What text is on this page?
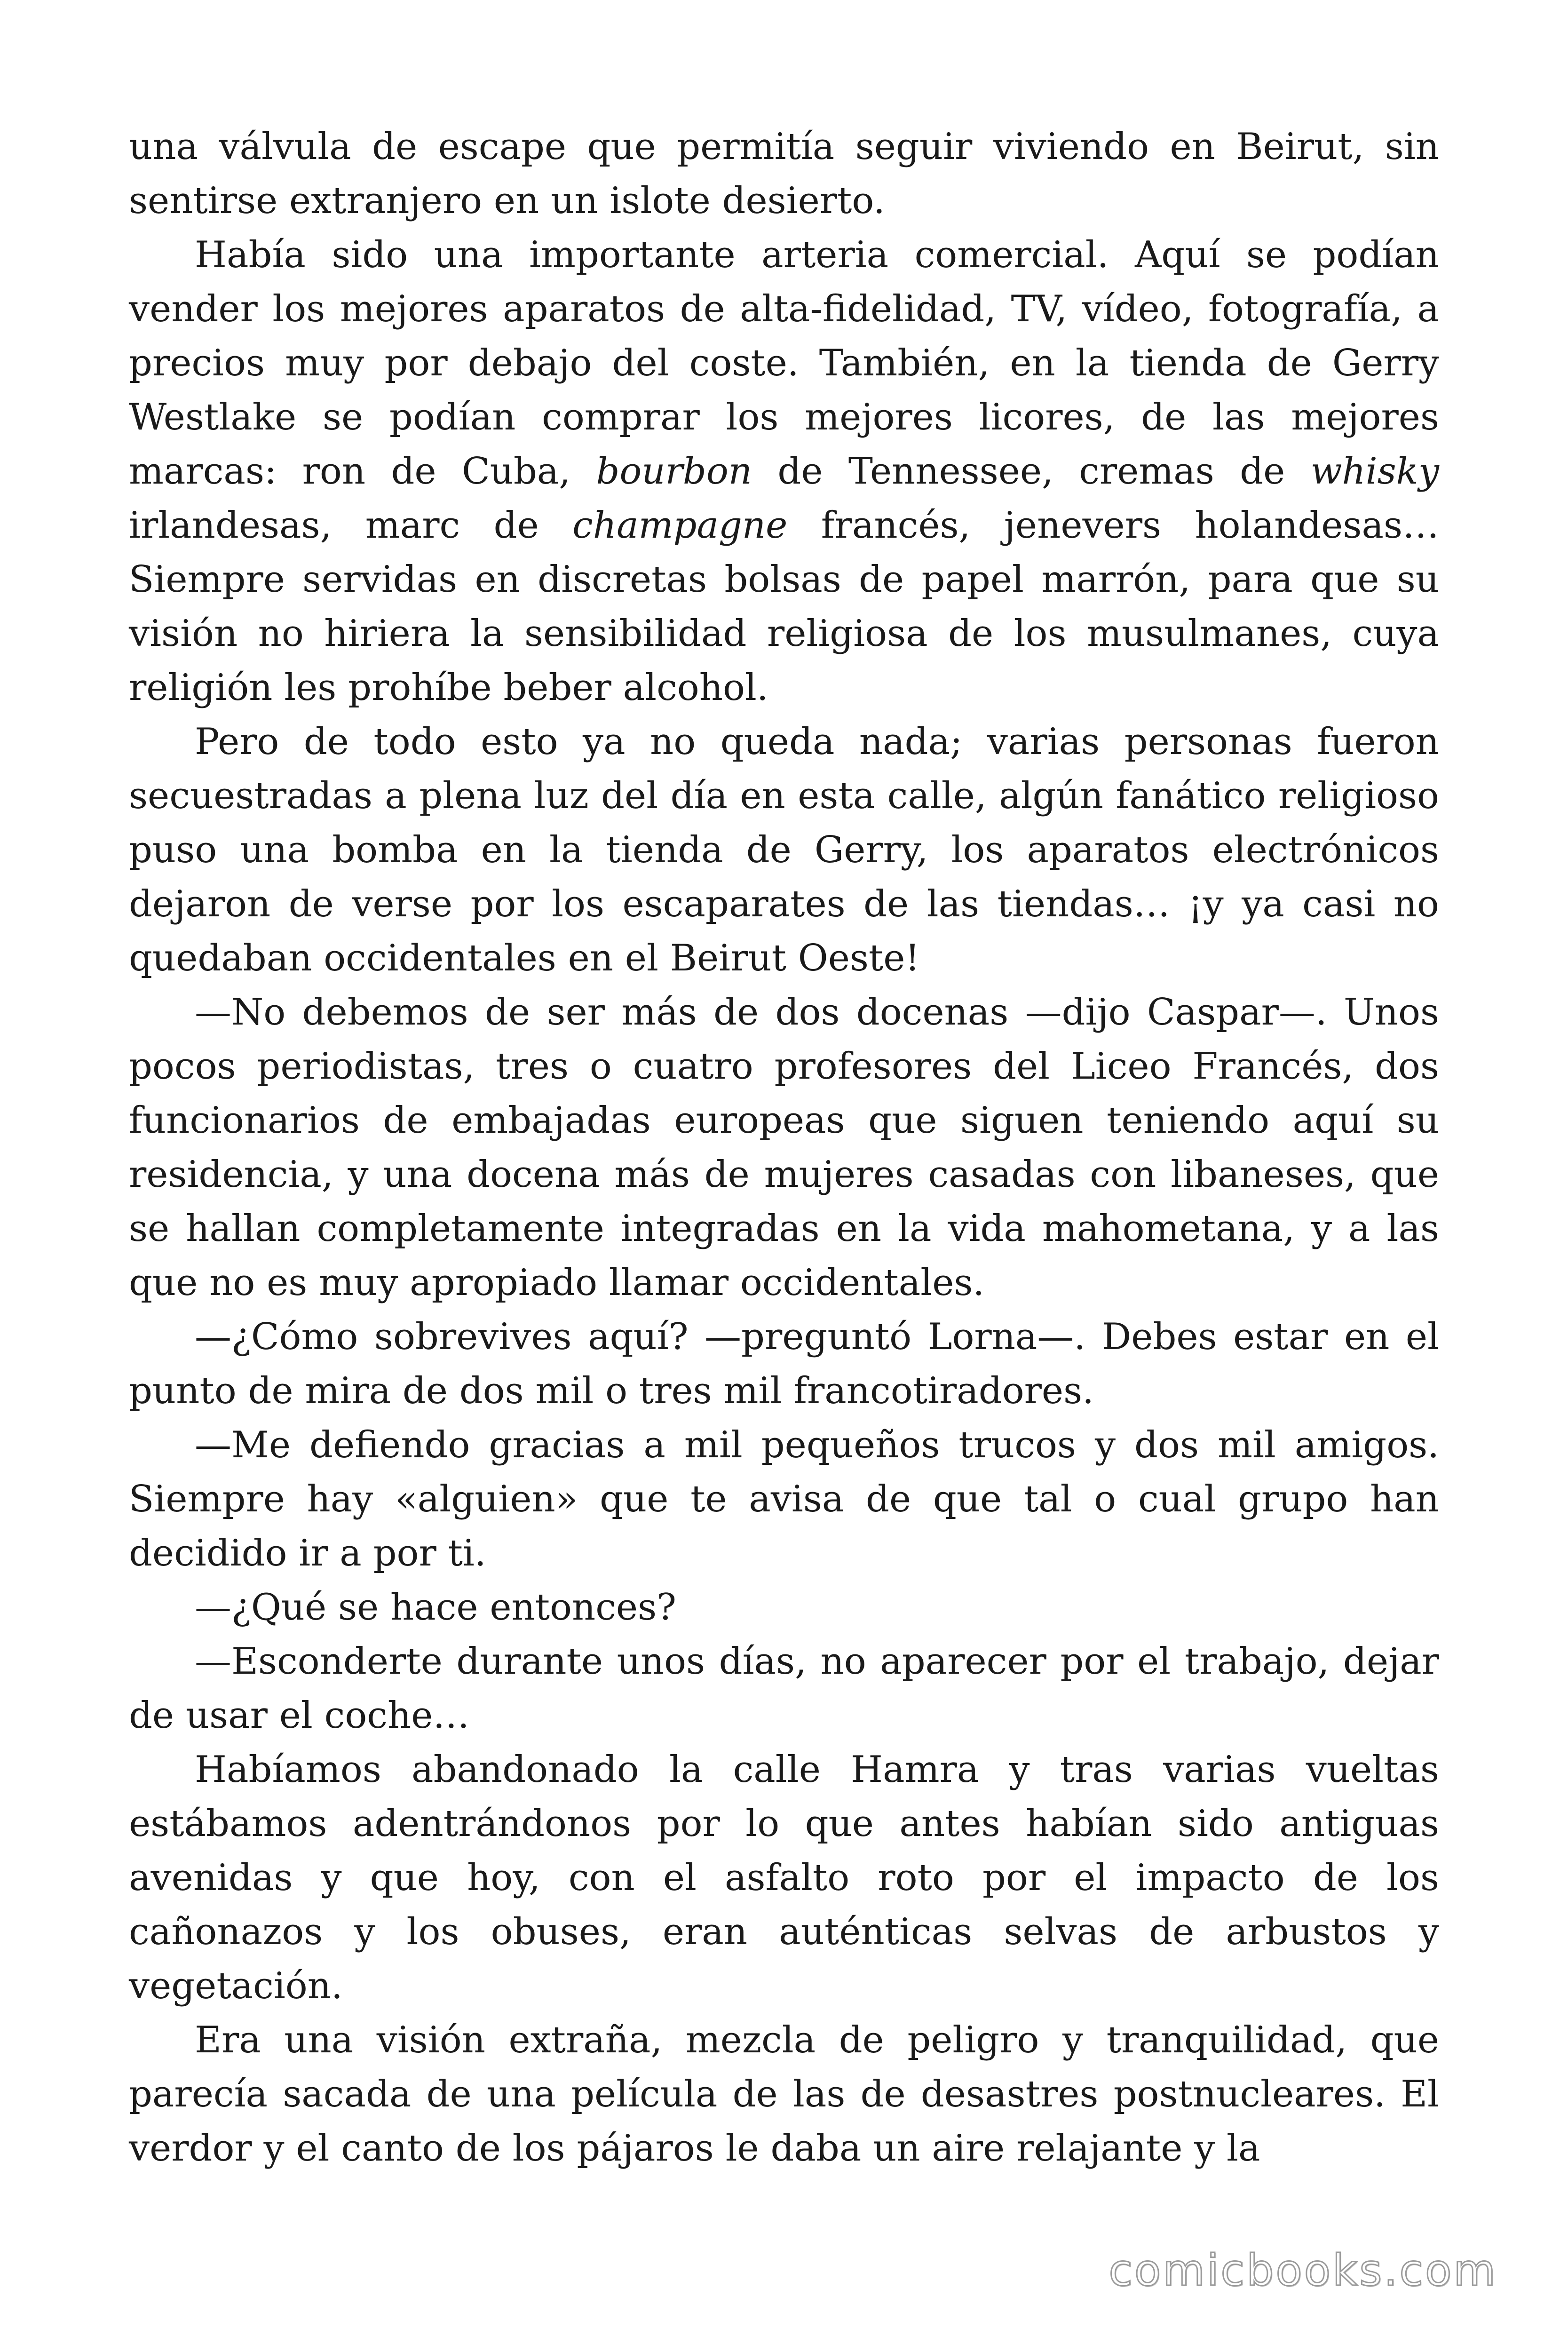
una válvula de escape que permitía seguir viviendo en Beirut, sin sentirse extranjero en un islote desierto.

Había sido una importante arteria comercial. Aquí se podían vender los mejores aparatos de alta-fidelidad, TV, vídeo, fotografía, a precios muy por debajo del coste. También, en la tienda de Gerry Westlake se podían comprar los mejores licores, de las mejores marcas: ron de Cuba, bourbon de Tennessee, cremas de whisky irlandesas, marc de champagne francés, jenevers holandesas… Siempre servidas en discretas bolsas de papel marrón, para que su visión no hiriera la sensibilidad religiosa de los musulmanes, cuya religión les prohíbe beber alcohol.

Pero de todo esto ya no queda nada; varias personas fueron secuestradas a plena luz del día en esta calle, algún fanático religioso puso una bomba en la tienda de Gerry, los aparatos electrónicos dejaron de verse por los escaparates de las tiendas… ¡y ya casi no quedaban occidentales en el Beirut Oeste!

—No debemos de ser más de dos docenas —dijo Caspar—. Unos pocos periodistas, tres o cuatro profesores del Liceo Francés, dos funcionarios de embajadas europeas que siguen teniendo aquí su residencia, y una docena más de mujeres casadas con libaneses, que se hallan completamente integradas en la vida mahometana, y a las que no es muy apropiado llamar occidentales.

—¿Cómo sobrevives aquí? —preguntó Lorna—. Debes estar en el punto de mira de dos mil o tres mil francotiradores.

—Me defiendo gracias a mil pequeños trucos y dos mil amigos. Siempre hay «alguien» que te avisa de que tal o cual grupo han decidido ir a por ti.

—¿Qué se hace entonces?

—Esconderte durante unos días, no aparecer por el trabajo, dejar de usar el coche…

Habíamos abandonado la calle Hamra y tras varias vueltas estábamos adentrándonos por lo que antes habían sido antiguas avenidas y que hoy, con el asfalto roto por el impacto de los cañonazos y los obuses, eran auténticas selvas de arbustos y vegetación.

Era una visión extraña, mezcla de peligro y tranquilidad, que parecía sacada de una película de las de desastres postnucleares. El verdor y el canto de los pájaros le daba un aire relajante y la

comicbooks.com
